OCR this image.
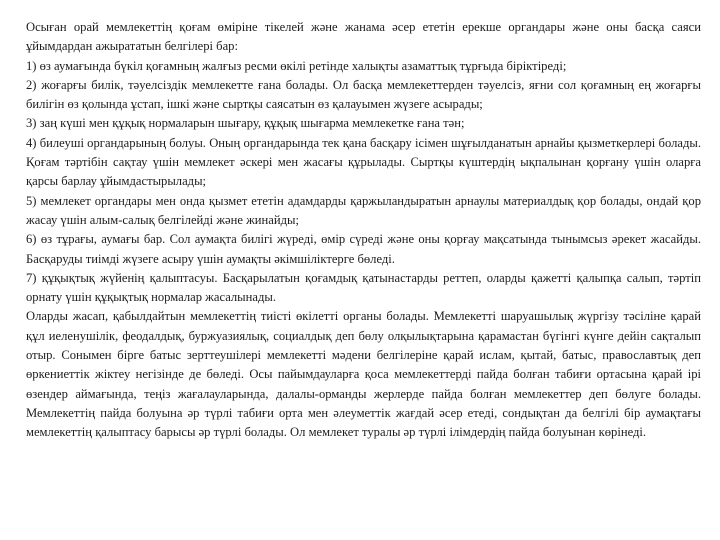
Осыған орай мемлекеттің қоғам өміріне тікелей және жанама әсер ететін ерекше органдары және оны басқа саяси ұйымдардан ажырататын белгілері бар:

1) өз аумағында бүкіл қоғамның жалғыз ресми өкілі ретінде халықты азаматтық тұрғыда біріктіреді;

2) жоғарғы билік, тәуелсіздік мемлекетте ғана болады. Ол басқа мемлекеттерден тәуелсіз, яғни сол қоғамның ең жоғарғы билігін өз қолында ұстап, ішкі және сыртқы саясатын өз қалауымен жүзеге асырады;

3) заң күші мен құқық нормаларын шығару, құқық шығарма мемлекетке ғана тән;

4) билеуші органдарының болуы. Оның органдарында тек қана басқару ісімен шұғылданатын арнайы қызметкерлері болады. Қоғам тәртібін сақтау үшін мемлекет әскері мен жасағы құрылады. Сыртқы күштердің ықпалынан қорғану үшін оларға қарсы барлау ұйымдастырылады;

5) мемлекет органдары мен онда қызмет ететін адамдарды қаржыландыратын арнаулы материалдық қор болады, ондай қор жасау үшін алым-салық белгілейді және жинайды;

6) өз тұрағы, аумағы бар. Сол аумақта билігі жүреді, өмір сүреді және оны қорғау мақсатында тынымсыз әрекет жасайды. Басқаруды тиімді жүзеге асыру үшін аумақты әкімшіліктерге бөледі.

7) құқықтық жүйенің қалыптасуы. Басқарылатын қоғамдық қатынастарды реттеп, оларды қажетті қалыпқа салып, тәртіп орнату үшін құқықтық нормалар жасалынады.

Оларды жасап, қабылдайтын мемлекеттің тиісті өкілетті органы болады. Мемлекетті шаруашылық жүргізу тәсіліне қарай құл иеленушілік, феодалдық, буржуазиялық, социалдық деп бөлу олқылықтарына қарамастан бүгінгі күнге дейін сақталып отыр. Сонымен бірге батыс зерттеушілері мемлекетті мәдени белгілеріне қарай ислам, қытай, батыс, православтық деп өркениеттік жіктеу негізінде де бөледі. Осы пайымдауларға қоса мемлекеттерді пайда болған табиғи ортасына қарай ірі өзендер аймағында, теңіз жағалауларында, далалы-орманды жерлерде пайда болған мемлекеттер деп бөлуге болады. Мемлекеттің пайда болуына әр түрлі табиғи орта мен әлеуметтік жағдай әсер етеді, сондықтан да белгілі бір аумақтағы мемлекеттің қалыптасу барысы әр түрлі болады. Ол мемлекет туралы әр түрлі ілімдердің пайда болуынан көрінеді.
